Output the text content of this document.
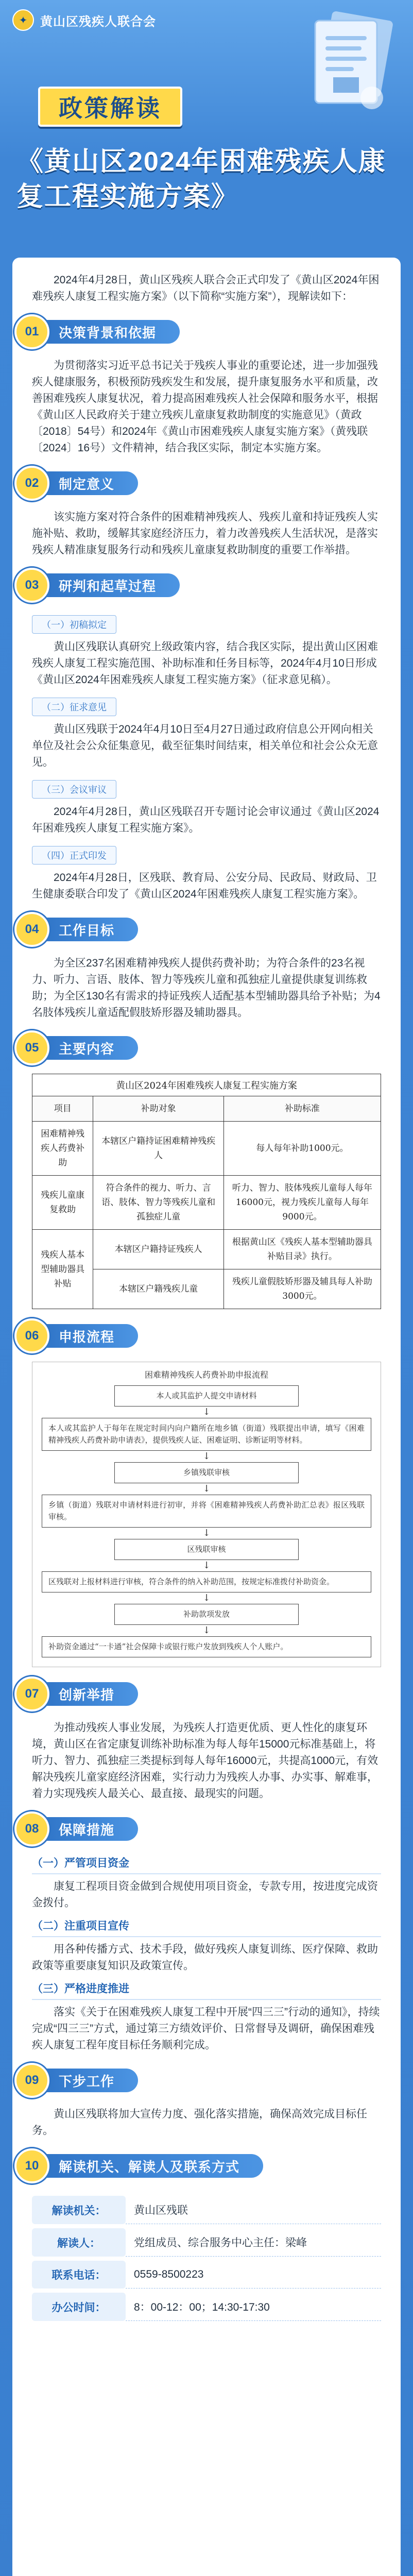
✦ 黄山区残疾人联合会
政策解读
《黄山区2024年困难残疾人康复工程实施方案》

2024年4月28日，黄山区残疾人联合会正式印发了《黄山区2024年困难残疾人康复工程实施方案》（以下简称“实施方案”），现解读如下：

01	决策背景和依据

为贯彻落实习近平总书记关于残疾人事业的重要论述，进一步加强残疾人健康服务，积极预防残疾发生和发展，提升康复服务水平和质量，改善困难残疾人康复状况，着力提高困难残疾人社会保障和服务水平，根据《黄山区人民政府关于建立残疾儿童康复救助制度的实施意见》（黄政〔2018〕54号）和2024年《黄山市困难残疾人康复实施方案》（黄残联〔2024〕16号）文件精神，结合我区实际，制定本实施方案。

02	制定意义

该实施方案对符合条件的困难精神残疾人、残疾儿童和持证残疾人实施补贴、救助，缓解其家庭经济压力，着力改善残疾人生活状况，是落实残疾人精准康复服务行动和残疾儿童康复救助制度的重要工作举措。

03	研判和起草过程
（一）初稿拟定

黄山区残联认真研究上级政策内容，结合我区实际，提出黄山区困难残疾人康复工程实施范围、补助标准和任务目标等，2024年4月10日形成《黄山区2024年困难残疾人康复工程实施方案》（征求意见稿）。

（二）征求意见

黄山区残联于2024年4月10日至4月27日通过政府信息公开网向相关单位及社会公众征集意见，截至征集时间结束，相关单位和社会公众无意见。

（三）会议审议

2024年4月28日，黄山区残联召开专题讨论会审议通过《黄山区2024年困难残疾人康复工程实施方案》。

（四）正式印发

2024年4月28日，区残联、教育局、公安分局、民政局、财政局、卫生健康委联合印发了《黄山区2024年困难残疾人康复工程实施方案》。

04	工作目标

为全区237名困难精神残疾人提供药费补助；为符合条件的23名视力、听力、言语、肢体、智力等残疾儿童和孤独症儿童提供康复训练救助；为全区130名有需求的持证残疾人适配基本型辅助器具给予补贴；为4名肢体残疾儿童适配假肢矫形器及辅助器具。

05	主要内容
黄山区2024年困难残疾人康复工程实施方案
项目	补助对象	补助标准
困难精神残疾人药费补助	本辖区户籍持证困难精神残疾人	每人每年补助1000元。
残疾儿童康复救助	符合条件的视力、听力、言语、肢体、智力等残疾儿童和孤独症儿童	听力、智力、肢体残疾儿童每人每年16000元，视力残疾儿童每人每年9000元。
残疾人基本型辅助器具补贴	本辖区户籍持证残疾人	根据黄山区《残疾人基本型辅助器具补贴目录》执行。
	本辖区户籍残疾儿童	残疾儿童假肢矫形器及辅具每人补助3000元。
06	申报流程
困难精神残疾人药费补助申报流程
本人或其监护人提交申请材料
↓
本人或其监护人于每年在规定时间内向户籍所在地乡镇（街道）残联提出申请，填写《困难精神残疾人药费补助申请表》，提供残疾人证、困难证明、诊断证明等材料。
↓
乡镇残联审核
↓
乡镇（街道）残联对申请材料进行初审，并将《困难精神残疾人药费补助汇总表》报区残联审核。
↓
区残联审核
↓
区残联对上报材料进行审核，符合条件的纳入补助范围，按规定标准拨付补助资金。
↓
补助款项发放
↓
补助资金通过“一卡通”社会保障卡或银行账户发放到残疾人个人账户。
07	创新举措

为推动残疾人事业发展，为残疾人打造更优质、更人性化的康复环境，黄山区在省定康复训练补助标准为每人每年15000元标准基础上，将听力、智力、孤独症三类提标到每人每年16000元，共提高1000元，有效解决残疾儿童家庭经济困难，实行动力为残疾人办事、办实事、解难事，着力实现残疾人最关心、最直接、最现实的问题。

08	保障措施
（一）严管项目资金

康复工程项目资金做到合规使用项目资金，专款专用，按进度完成资金拨付。

（二）注重项目宣传

用各种传播方式、技术手段，做好残疾人康复训练、医疗保障、救助政策等重要康复知识及政策宣传。

（三）严格进度推进

落实《关于在困难残疾人康复工程中开展“四三三”行动的通知》，持续完成“四三三”方式，通过第三方绩效评价、日常督导及调研，确保困难残疾人康复工程年度目标任务顺利完成。

09	下步工作

黄山区残联将加大宣传力度、强化落实措施，确保高效完成目标任务。

10	解读机关、解读人及联系方式
解读机关：	黄山区残联
解读人：	党组成员、综合服务中心主任：梁峰
联系电话：	0559-8500223
办公时间：	8：00-12：00；14:30-17:30
